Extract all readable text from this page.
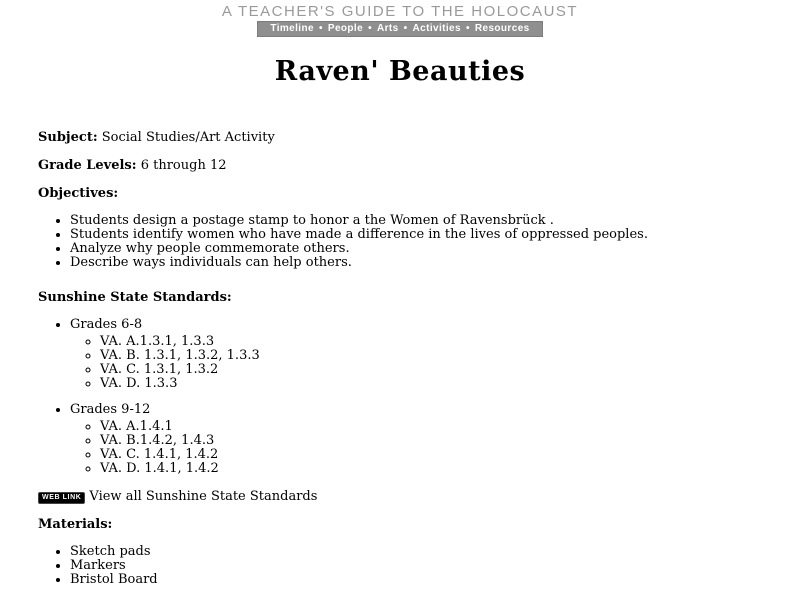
A TEACHER'S GUIDE TO THE HOLOCAUST
Timeline • People • Arts • Activities • Resources
Raven' Beauties

Subject: Social Studies/Art Activity

Grade Levels: 6 through 12

Objectives:

• Students design a postage stamp to honor a the Women of Ravensbrück .
• Students identify women who have made a difference in the lives of oppressed peoples.
• Analyze why people commemorate others.
• Describe ways individuals can help others.

Sunshine State Standards:

• Grades 6-8
◦ VA. A.1.3.1, 1.3.3
◦ VA. B. 1.3.1, 1.3.2, 1.3.3
◦ VA. C. 1.3.1, 1.3.2
◦ VA. D. 1.3.3
• Grades 9-12
◦ VA. A.1.4.1
◦ VA. B.1.4.2, 1.4.3
◦ VA. C. 1.4.1, 1.4.2
◦ VA. D. 1.4.1, 1.4.2

WEB LINK View all Sunshine State Standards

Materials:

• Sketch pads
• Markers
• Bristol Board
